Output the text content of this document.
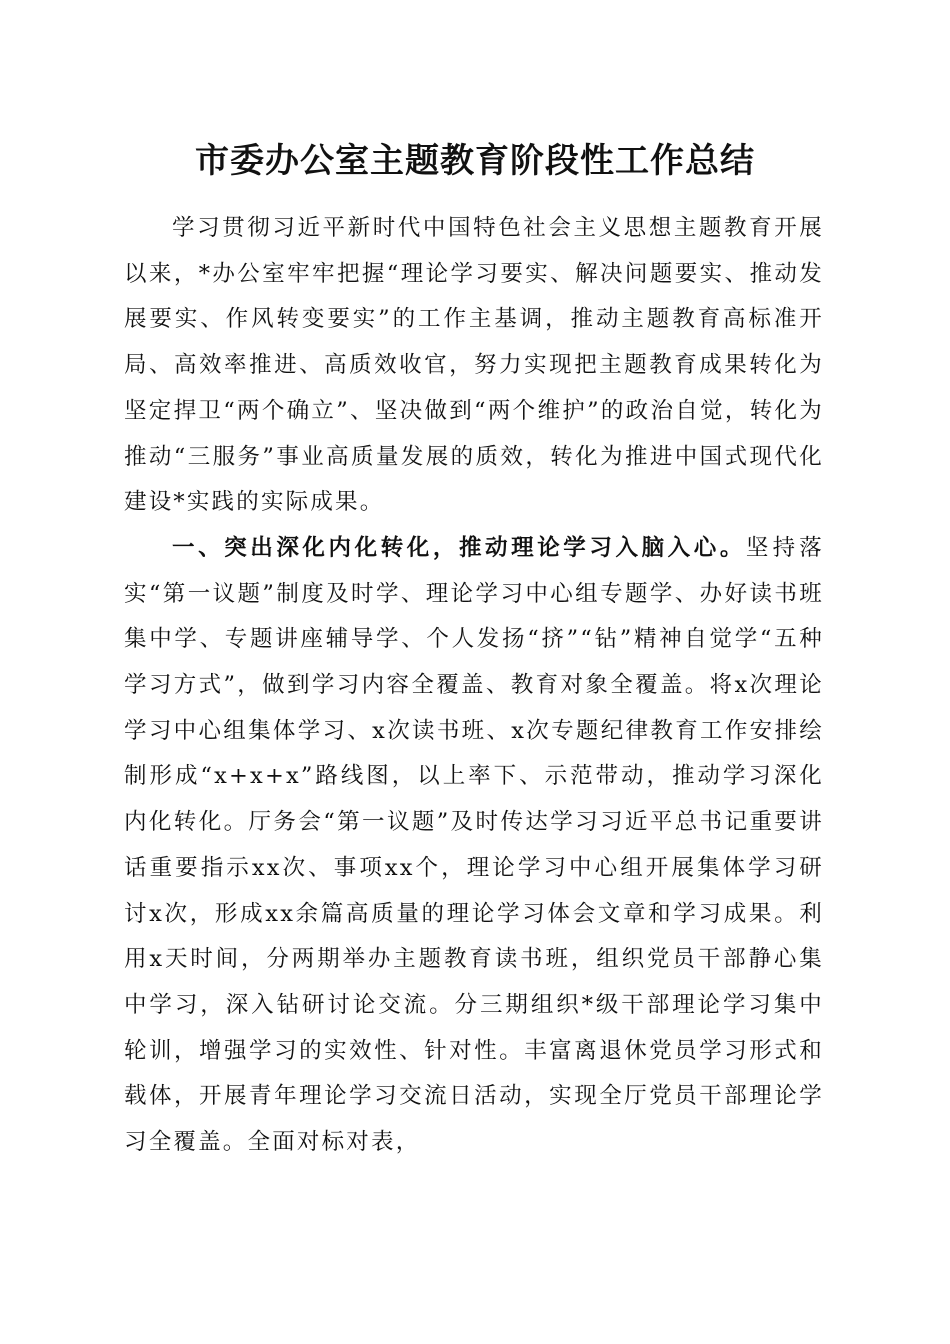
市委办公室主题教育阶段性工作总结

学习贯彻习近平新时代中国特色社会主义思想主题教育开展以来，*办公室牢牢把握“理论学习要实、解决问题要实、推动发展要实、作风转变要实”的工作主基调，推动主题教育高标准开局、高效率推进、高质效收官，努力实现把主题教育成果转化为坚定捍卫“两个确立”、坚决做到“两个维护”的政治自觉，转化为推动“三服务”事业高质量发展的质效，转化为推进中国式现代化建设*实践的实际成果。

一、突出深化内化转化，推动理论学习入脑入心。坚持落实“第一议题”制度及时学、理论学习中心组专题学、办好读书班集中学、专题讲座辅导学、个人发扬“挤”“钻”精神自觉学“五种学习方式”，做到学习内容全覆盖、教育对象全覆盖。将x次理论学习中心组集体学习、x次读书班、x次专题纪律教育工作安排绘制形成“x+x+x”路线图，以上率下、示范带动，推动学习深化内化转化。厅务会“第一议题”及时传达学习习近平总书记重要讲话重要指示xx次、事项xx个，理论学习中心组开展集体学习研讨x次，形成xx余篇高质量的理论学习体会文章和学习成果。利用x天时间，分两期举办主题教育读书班，组织党员干部静心集中学习，深入钻研讨论交流。分三期组织*级干部理论学习集中轮训，增强学习的实效性、针对性。丰富离退休党员学习形式和载体，开展青年理论学习交流日活动，实现全厅党员干部理论学习全覆盖。全面对标对表，
